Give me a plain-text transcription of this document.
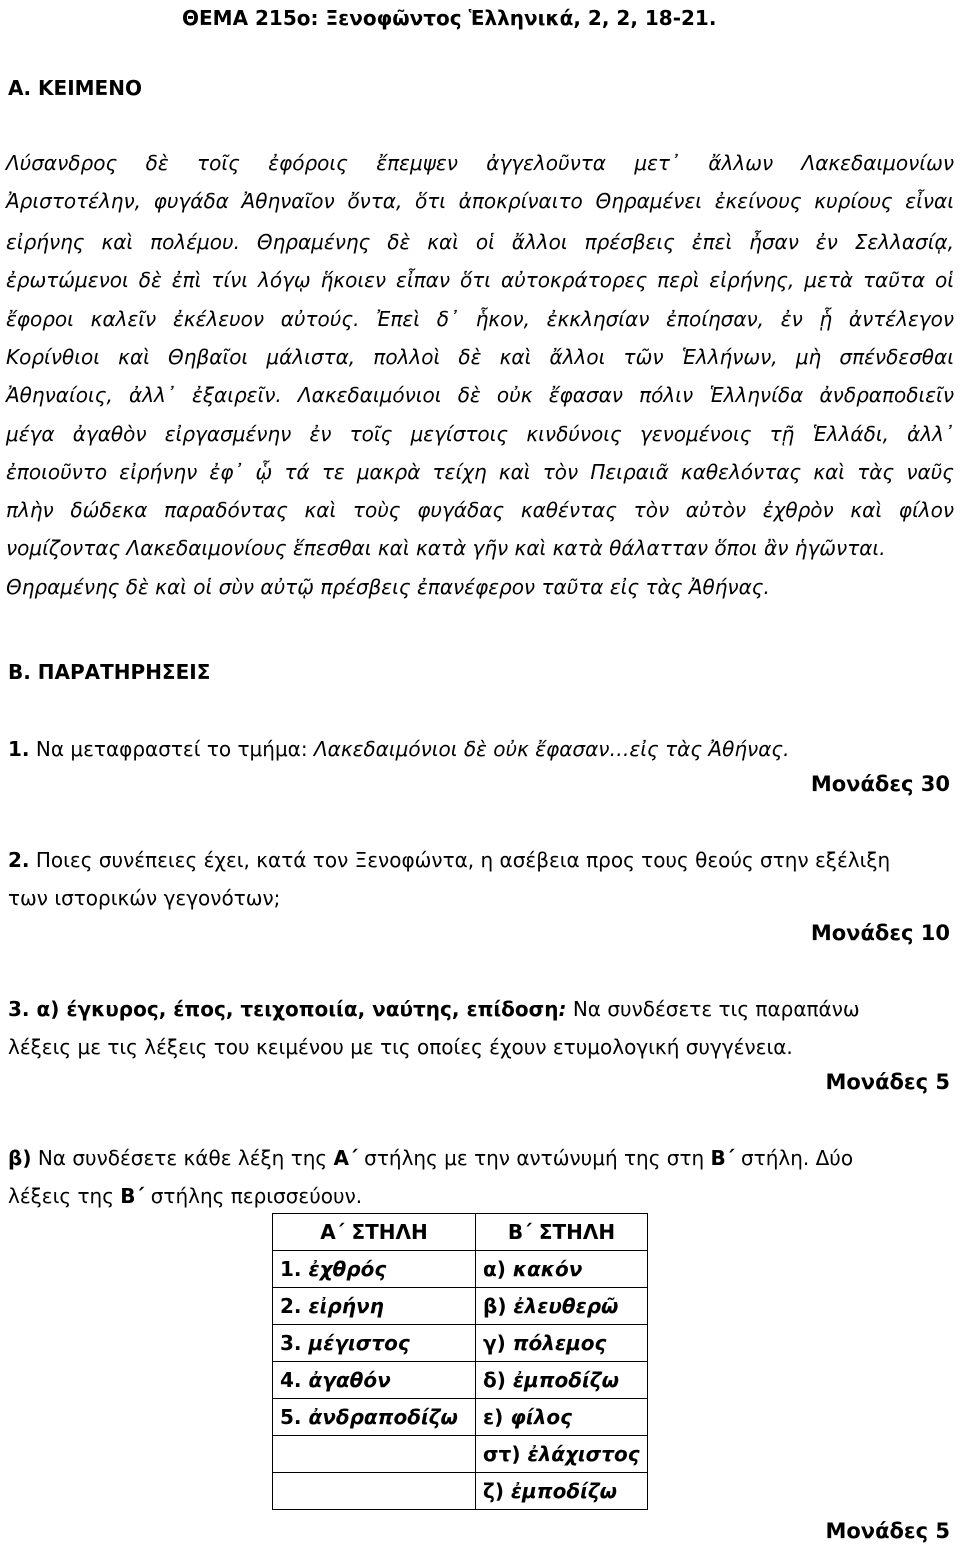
ΘΕΜΑ 215ο: Ξενοφῶντος Ἑλληνικά, 2, 2, 18-21.
Α. ΚΕΙΜΕΝΟ
Λύσανδρος δὲ τοῖς ἐφόροις ἔπεμψεν ἀγγελοῦντα μετ᾽ ἄλλων Λακεδαιμονίων
Ἀριστοτέλην, φυγάδα Ἀθηναῖον ὄντα, ὅτι ἀποκρίναιτο Θηραμένει ἐκείνους κυρίους εἶναι
εἰρήνης καὶ πολέμου. Θηραμένης δὲ καὶ οἱ ἄλλοι πρέσβεις ἐπεὶ ἦσαν ἐν Σελλασίᾳ,
ἐρωτώμενοι δὲ ἐπὶ τίνι λόγῳ ἥκοιεν εἶπαν ὅτι αὐτοκράτορες περὶ εἰρήνης, μετὰ ταῦτα οἱ
ἔφοροι καλεῖν ἐκέλευον αὐτούς. Ἐπεὶ δ᾽ ἧκον, ἐκκλησίαν ἐποίησαν, ἐν ᾗ ἀντέλεγον
Κορίνθιοι καὶ Θηβαῖοι μάλιστα, πολλοὶ δὲ καὶ ἄλλοι τῶν Ἑλλήνων, μὴ σπένδεσθαι
Ἀθηναίοις, ἀλλ᾽ ἐξαιρεῖν. Λακεδαιμόνιοι δὲ οὐκ ἔφασαν πόλιν Ἑλληνίδα ἀνδραποδιεῖν
μέγα ἀγαθὸν εἰργασμένην ἐν τοῖς μεγίστοις κινδύνοις γενομένοις τῇ Ἑλλάδι, ἀλλ᾽
ἐποιοῦντο εἰρήνην ἐφ᾽ ᾧ τά τε μακρὰ τείχη καὶ τὸν Πειραιᾶ καθελόντας καὶ τὰς ναῦς
πλὴν δώδεκα παραδόντας καὶ τοὺς φυγάδας καθέντας τὸν αὐτὸν ἐχθρὸν καὶ φίλον
νομίζοντας Λακεδαιμονίους ἕπεσθαι καὶ κατὰ γῆν καὶ κατὰ θάλατταν ὅποι ἂν ἡγῶνται.
Θηραμένης δὲ καὶ οἱ σὺν αὐτῷ πρέσβεις ἐπανέφερον ταῦτα εἰς τὰς Ἀθήνας.
Β. ΠΑΡΑΤΗΡΗΣΕΙΣ
1. Να μεταφραστεί το τμήμα: Λακεδαιμόνιοι δὲ οὐκ ἔφασαν…εἰς τὰς Ἀθήνας.
Μονάδες 30
2. Ποιες συνέπειες έχει, κατά τον Ξενοφώντα, η ασέβεια προς τους θεούς στην εξέλιξη
των ιστορικών γεγονότων;
Μονάδες 10
3. α) έγκυρος, έπος, τειχοποιία, ναύτης, επίδοση: Να συνδέσετε τις παραπάνω
λέξεις με τις λέξεις του κειμένου με τις οποίες έχουν ετυμολογική συγγένεια.
Μονάδες 5
β) Να συνδέσετε κάθε λέξη της Α΄ στήλης με την αντώνυμή της στη Β΄ στήλη. Δύο
λέξεις της Β΄ στήλης περισσεύουν.
Α΄ ΣΤΗΛΗ	Β΄ ΣΤΗΛΗ
1. ἐχθρός	α) κακόν
2. εἰρήνη	β) ἐλευθερῶ
3. μέγιστος	γ) πόλεμος
4. ἀγαθόν	δ) ἐμποδίζω
5. ἀνδραποδίζω	ε) φίλος
	στ) ἐλάχιστος
	ζ) ἐμποδίζω
Μονάδες 5
